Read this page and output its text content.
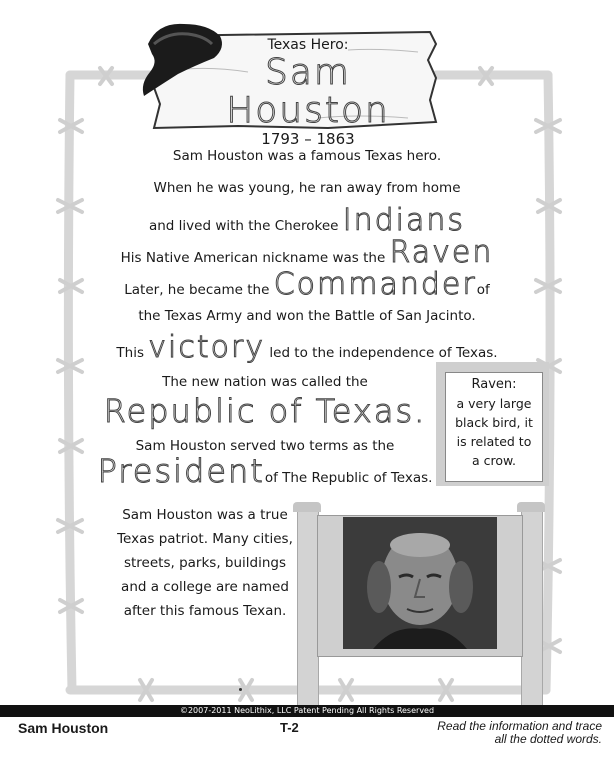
Texas Hero:
Sam Houston
1793 – 1863
Sam Houston was a famous Texas hero.
When he was young, he ran away from home
and lived with the Cherokee Indians
His Native American nickname was the Raven
Later, he became the Commanderof
the Texas Army and won the Battle of San Jacinto.
This victory led to the independence of Texas.
The new nation was called the
Republic of Texas.
Sam Houston served two terms as the
Presidentof The Republic of Texas.
Raven:
a very large
black bird, it
is related to
a crow.
Sam Houston was a true
Texas patriot. Many cities,
streets, parks, buildings
and a college are named
after this famous Texan.
©2007-2011 NeoLithix, LLC Patent Pending All Rights Reserved
Sam Houston	T-2	Read the information and trace
all the dotted words.
